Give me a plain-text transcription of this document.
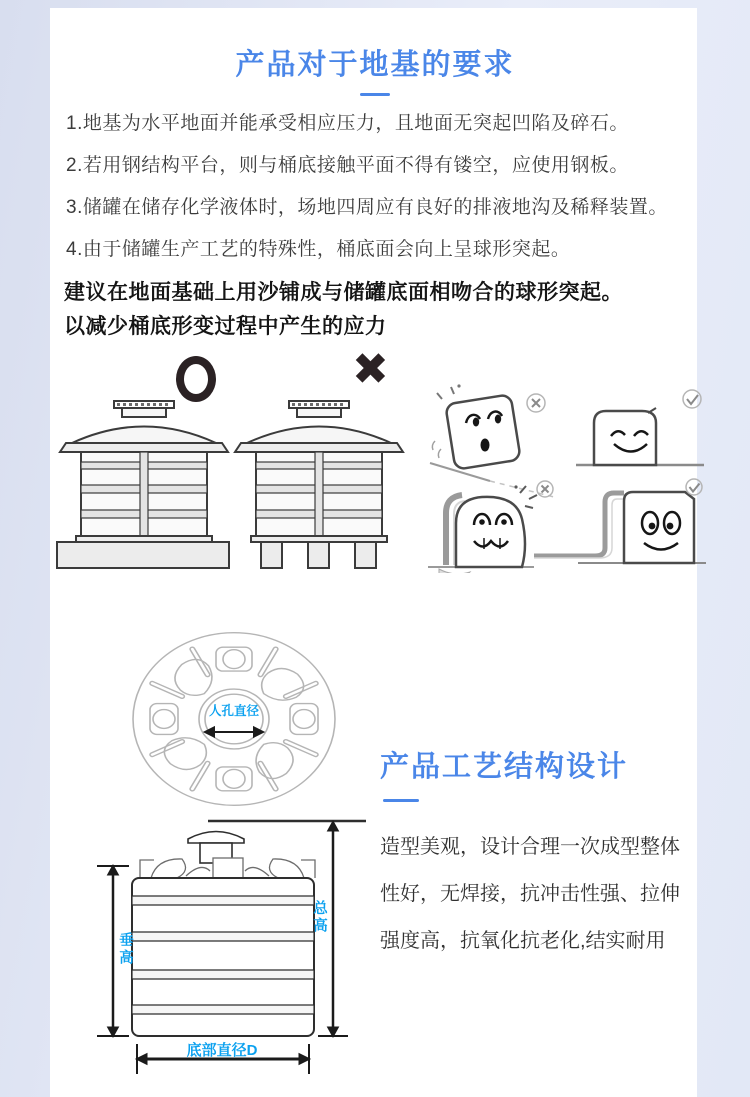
产品对于地基的要求
1.地基为水平地面并能承受相应压力，且地面无突起凹陷及碎石。
2.若用钢结构平台，则与桶底接触平面不得有镂空，应使用钢板。
3.储罐在储存化学液体时，场地四周应有良好的排液地沟及稀释装置。
4.由于储罐生产工艺的特殊性，桶底面会向上呈球形突起。
建议在地面基础上用沙铺成与储罐底面相吻合的球形突起。
以减少桶底形变过程中产生的应力
✖
人孔直径
产品工艺结构设计
造型美观，设计合理一次成型整体
性好，无焊接，抗冲击性强、拉伸
强度高，抗氧化抗老化,结实耐用
垂高
总高
底部直径D
